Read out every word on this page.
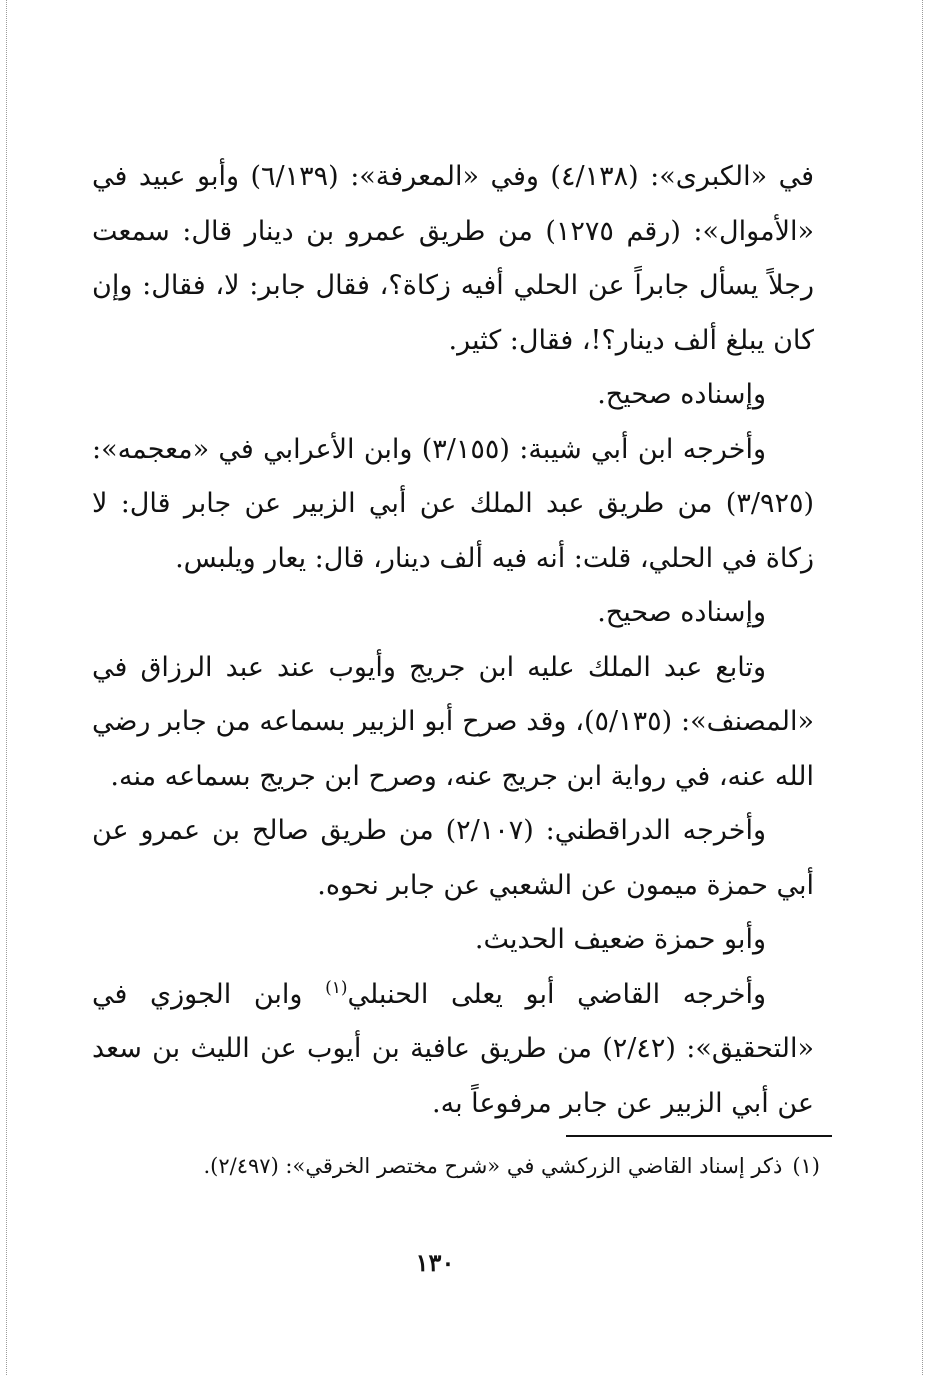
في «الكبرى»: (٤/١٣٨) وفي «المعرفة»: (٦/١٣٩) وأبو عبيد في «الأموال»: (رقم ١٢٧٥) من طريق عمرو بن دينار قال: سمعت رجلاً يسأل جابراً عن الحلي أفيه زكاة؟، فقال جابر: لا، فقال: وإن كان يبلغ ألف دينار؟!، فقال: كثير.

وإسناده صحيح.

وأخرجه ابن أبي شيبة: (٣/١٥٥) وابن الأعرابي في «معجمه»: (٣/٩٢٥) من طريق عبد الملك عن أبي الزبير عن جابر قال: لا زكاة في الحلي، قلت: أنه فيه ألف دينار، قال: يعار ويلبس.

وإسناده صحيح.

وتابع عبد الملك عليه ابن جريج وأيوب عند عبد الرزاق في «المصنف»: (٥/١٣٥)، وقد صرح أبو الزبير بسماعه من جابر رضي الله عنه، في رواية ابن جريج عنه، وصرح ابن جريج بسماعه منه.

وأخرجه الدراقطني: (٢/١٠٧) من طريق صالح بن عمرو عن أبي حمزة ميمون عن الشعبي عن جابر نحوه.

وأبو حمزة ضعيف الحديث.

وأخرجه القاضي أبو يعلى الحنبلي$^{(١)}$ وابن الجوزي في «التحقيق»: (٢/٤٢) من طريق عافية بن أيوب عن الليث بن سعد عن أبي الزبير عن جابر مرفوعاً به.

(١)ذكر إسناد القاضي الزركشي في «شرح مختصر الخرقي»: (٢/٤٩٧).
١٣٠
